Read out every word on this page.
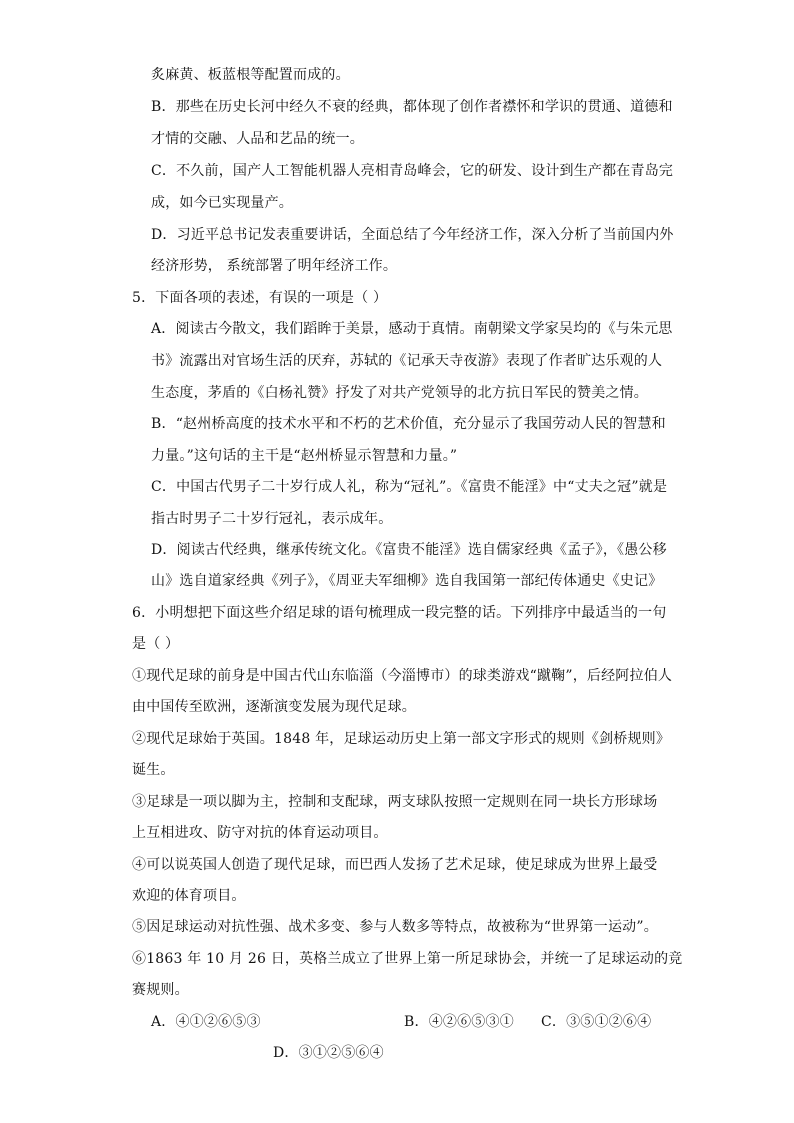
炙麻黄、板蓝根等配置而成的。
B．那些在历史长河中经久不衰的经典，都体现了创作者襟怀和学识的贯通、道德和
才情的交融、人品和艺品的统一。
C．不久前，国产人工智能机器人亮相青岛峰会，它的研发、设计到生产都在青岛完
成，如今已实现量产。
D．习近平总书记发表重要讲话，全面总结了今年经济工作，深入分析了当前国内外
经济形势， 系统部署了明年经济工作。
5．下面各项的表述，有误的一项是（ ）
A．阅读古今散文，我们蹈眸于美景，感动于真情。南朝梁文学家吴均的《与朱元思
书》流露出对官场生活的厌弃，苏轼的《记承天寺夜游》表现了作者旷达乐观的人
生态度，茅盾的《白杨礼赞》抒发了对共产党领导的北方抗日军民的赞美之情。
B．“赵州桥高度的技术水平和不朽的艺术价值，充分显示了我国劳动人民的智慧和
力量。”这句话的主干是“赵州桥显示智慧和力量。”
C．中国古代男子二十岁行成人礼，称为“冠礼”。《富贵不能淫》中“丈夫之冠”就是
指古时男子二十岁行冠礼，表示成年。
D．阅读古代经典，继承传统文化。《富贵不能淫》选自儒家经典《孟子》，《愚公移
山》选自道家经典《列子》，《周亚夫军细柳》选自我国第一部纪传体通史《史记》
6．小明想把下面这些介绍足球的语句梳理成一段完整的话。下列排序中最适当的一句
是（ ）
①现代足球的前身是中国古代山东临淄（今淄博市）的球类游戏“蹴鞠”，后经阿拉伯人
由中国传至欧洲，逐渐演变发展为现代足球。
②现代足球始于英国。1848 年，足球运动历史上第一部文字形式的规则《剑桥规则》
诞生。
③足球是一项以脚为主，控制和支配球，两支球队按照一定规则在同一块长方形球场
上互相进攻、防守对抗的体育运动项目。
④可以说英国人创造了现代足球，而巴西人发扬了艺术足球，使足球成为世界上最受
欢迎的体育项目。
⑤因足球运动对抗性强、战术多变、参与人数多等特点，故被称为“世界第一运动”。
⑥1863 年 10 月 26 日，英格兰成立了世界上第一所足球协会，并统一了足球运动的竞
赛规则。
A．④①②⑥⑤③	B．④②⑥⑤③① C．③⑤①②⑥④
D．③①②⑤⑥④
